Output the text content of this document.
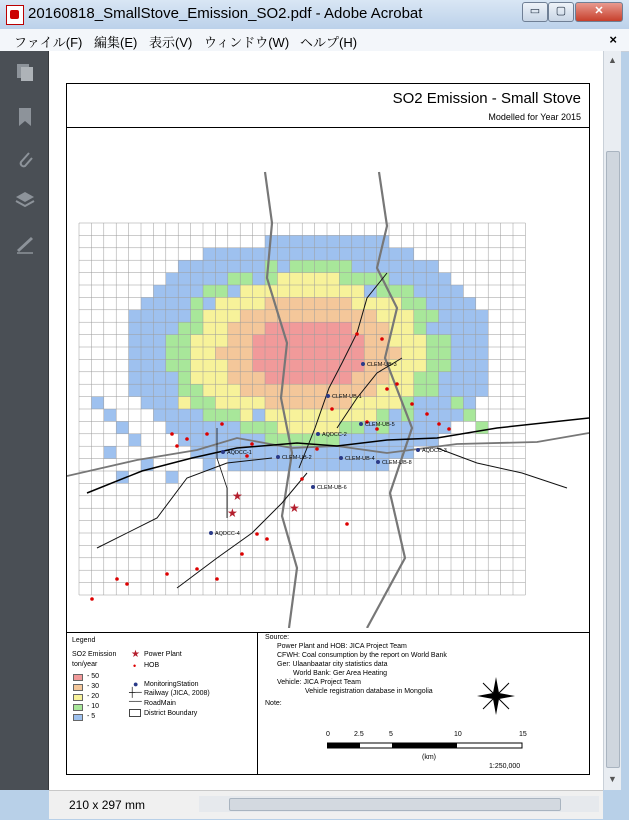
20160818_SmallStove_Emission_SO2.pdf - Adobe Acrobat	▭	▢	✕
ファイル(F) 編集(E) 表示(V) ウィンドウ(W) ヘルプ(H)	×
SO2 Emission - Small Stove
Modelled for Year 2015
★
★	★
CLEM-UB-3
CLEM-UB-1
CLEM-UB-5
AQDCC-1
AQDCC-2
CLEM-UB-2	CLEM-UB-4
AQDCC-3
CLEM-UB-8
AQDCC-4
CLEM-UB-6
Legend
SO2 Emission
ton/year
- 50
- 30
- 20
- 10
- 5
★ Power Plant
• HOB
● MonitoringStation
┼─ Railway (JICA, 2008)
── RoadMain
District Boundary
Source:
Power Plant and HOB: JICA Project Team
CFWH: Coal consumption by the report on World Bank
Ger: Ulaanbaatar city statistics data
World Bank: Ger Area Heating
Vehicle: JICA Project Team
Vehicle registration database in Mongolia
Note:
0	2.5	5	10	15
(km)
1:250,000
▲
▼
210 x 297 mm
